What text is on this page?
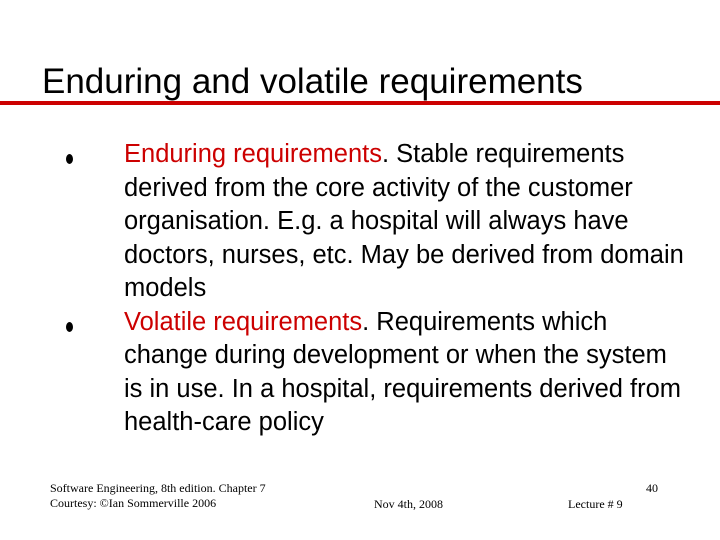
Enduring and volatile requirements
Enduring requirements. Stable requirements derived from the core activity of the customer organisation. E.g. a hospital will always have doctors, nurses, etc. May be derived from domain models
Volatile requirements. Requirements which change during development or when the system is in use. In a hospital, requirements derived from health-care policy
Software Engineering, 8th edition. Chapter 7
Courtesy: ©Ian Sommerville 2006	Nov 4th, 2008
40
Lecture # 9
